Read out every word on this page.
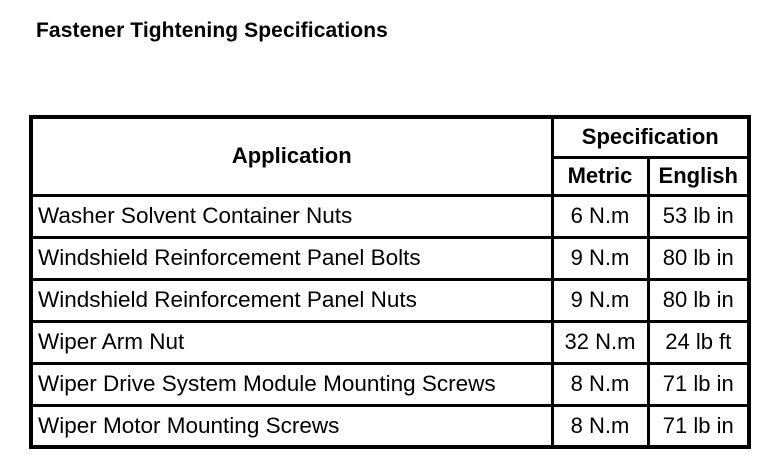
Fastener Tightening Specifications
Application	Specification	
	Metric	English
Washer Solvent Container Nuts	6 N.m	53 lb in
Windshield Reinforcement Panel Bolts	9 N.m	80 lb in
Windshield Reinforcement Panel Nuts	9 N.m	80 lb in
Wiper Arm Nut	32 N.m	24 lb ft
Wiper Drive System Module Mounting Screws	8 N.m	71 lb in
Wiper Motor Mounting Screws	8 N.m	71 lb in
